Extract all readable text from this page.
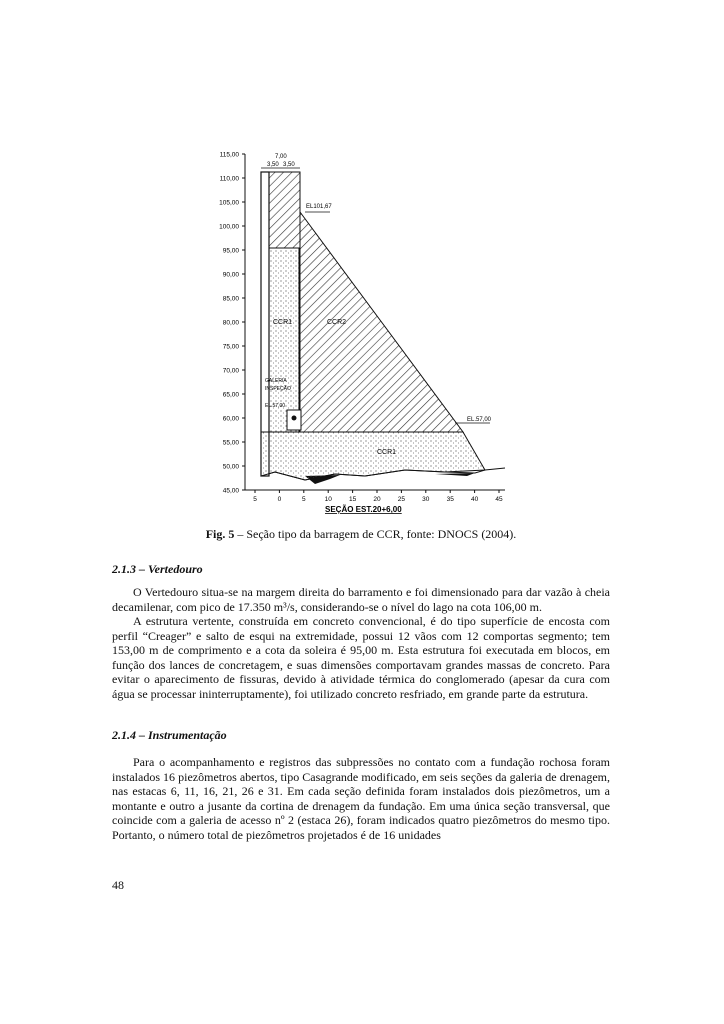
115,00
110,00
105,00
100,00
95,00
90,00
85,00
80,00
75,00
70,00
65,00
60,00
55,00
50,00
45,00
5	0	5	10	15	20	25	30	35	40	45
3,50 3,50
7,00
EL101,67
EL.57,00
CCR1	CCR2
CCR1
GALERIA
INSPEÇÃO
EL.57,00
SEÇÃO EST.20+6,00
Fig. 5 – Seção tipo da barragem de CCR, fonte: DNOCS (2004).
2.1.3 – Vertedouro

O Vertedouro situa-se na margem direita do barramento e foi dimensionado para dar vazão à cheia decamilenar, com pico de 17.350 m³/s, considerando-se o nível do lago na cota 106,00 m.

A estrutura vertente, construída em concreto convencional, é do tipo superfície de encosta com perfil “Creager” e salto de esqui na extremidade, possui 12 vãos com 12 comportas segmento; tem 153,00 m de comprimento e a cota da soleira é 95,00 m. Esta estrutura foi executada em blocos, em função dos lances de concretagem, e suas dimensões comportavam grandes massas de concreto. Para evitar o aparecimento de fissuras, devido à atividade térmica do conglomerado (apesar da cura com água se processar ininterruptamente), foi utilizado concreto resfriado, em grande parte da estrutura.

2.1.4 – Instrumentação

Para o acompanhamento e registros das subpressões no contato com a fundação rochosa foram instalados 16 piezômetros abertos, tipo Casagrande modificado, em seis seções da galeria de drenagem, nas estacas 6, 11, 16, 21, 26 e 31. Em cada seção definida foram instalados dois piezômetros, um a montante e outro a jusante da cortina de drenagem da fundação. Em uma única seção transversal, que coincide com a galeria de acesso nº 2 (estaca 26), foram indicados quatro piezômetros do mesmo tipo. Portanto, o número total de piezômetros projetados é de 16 unidades

48
